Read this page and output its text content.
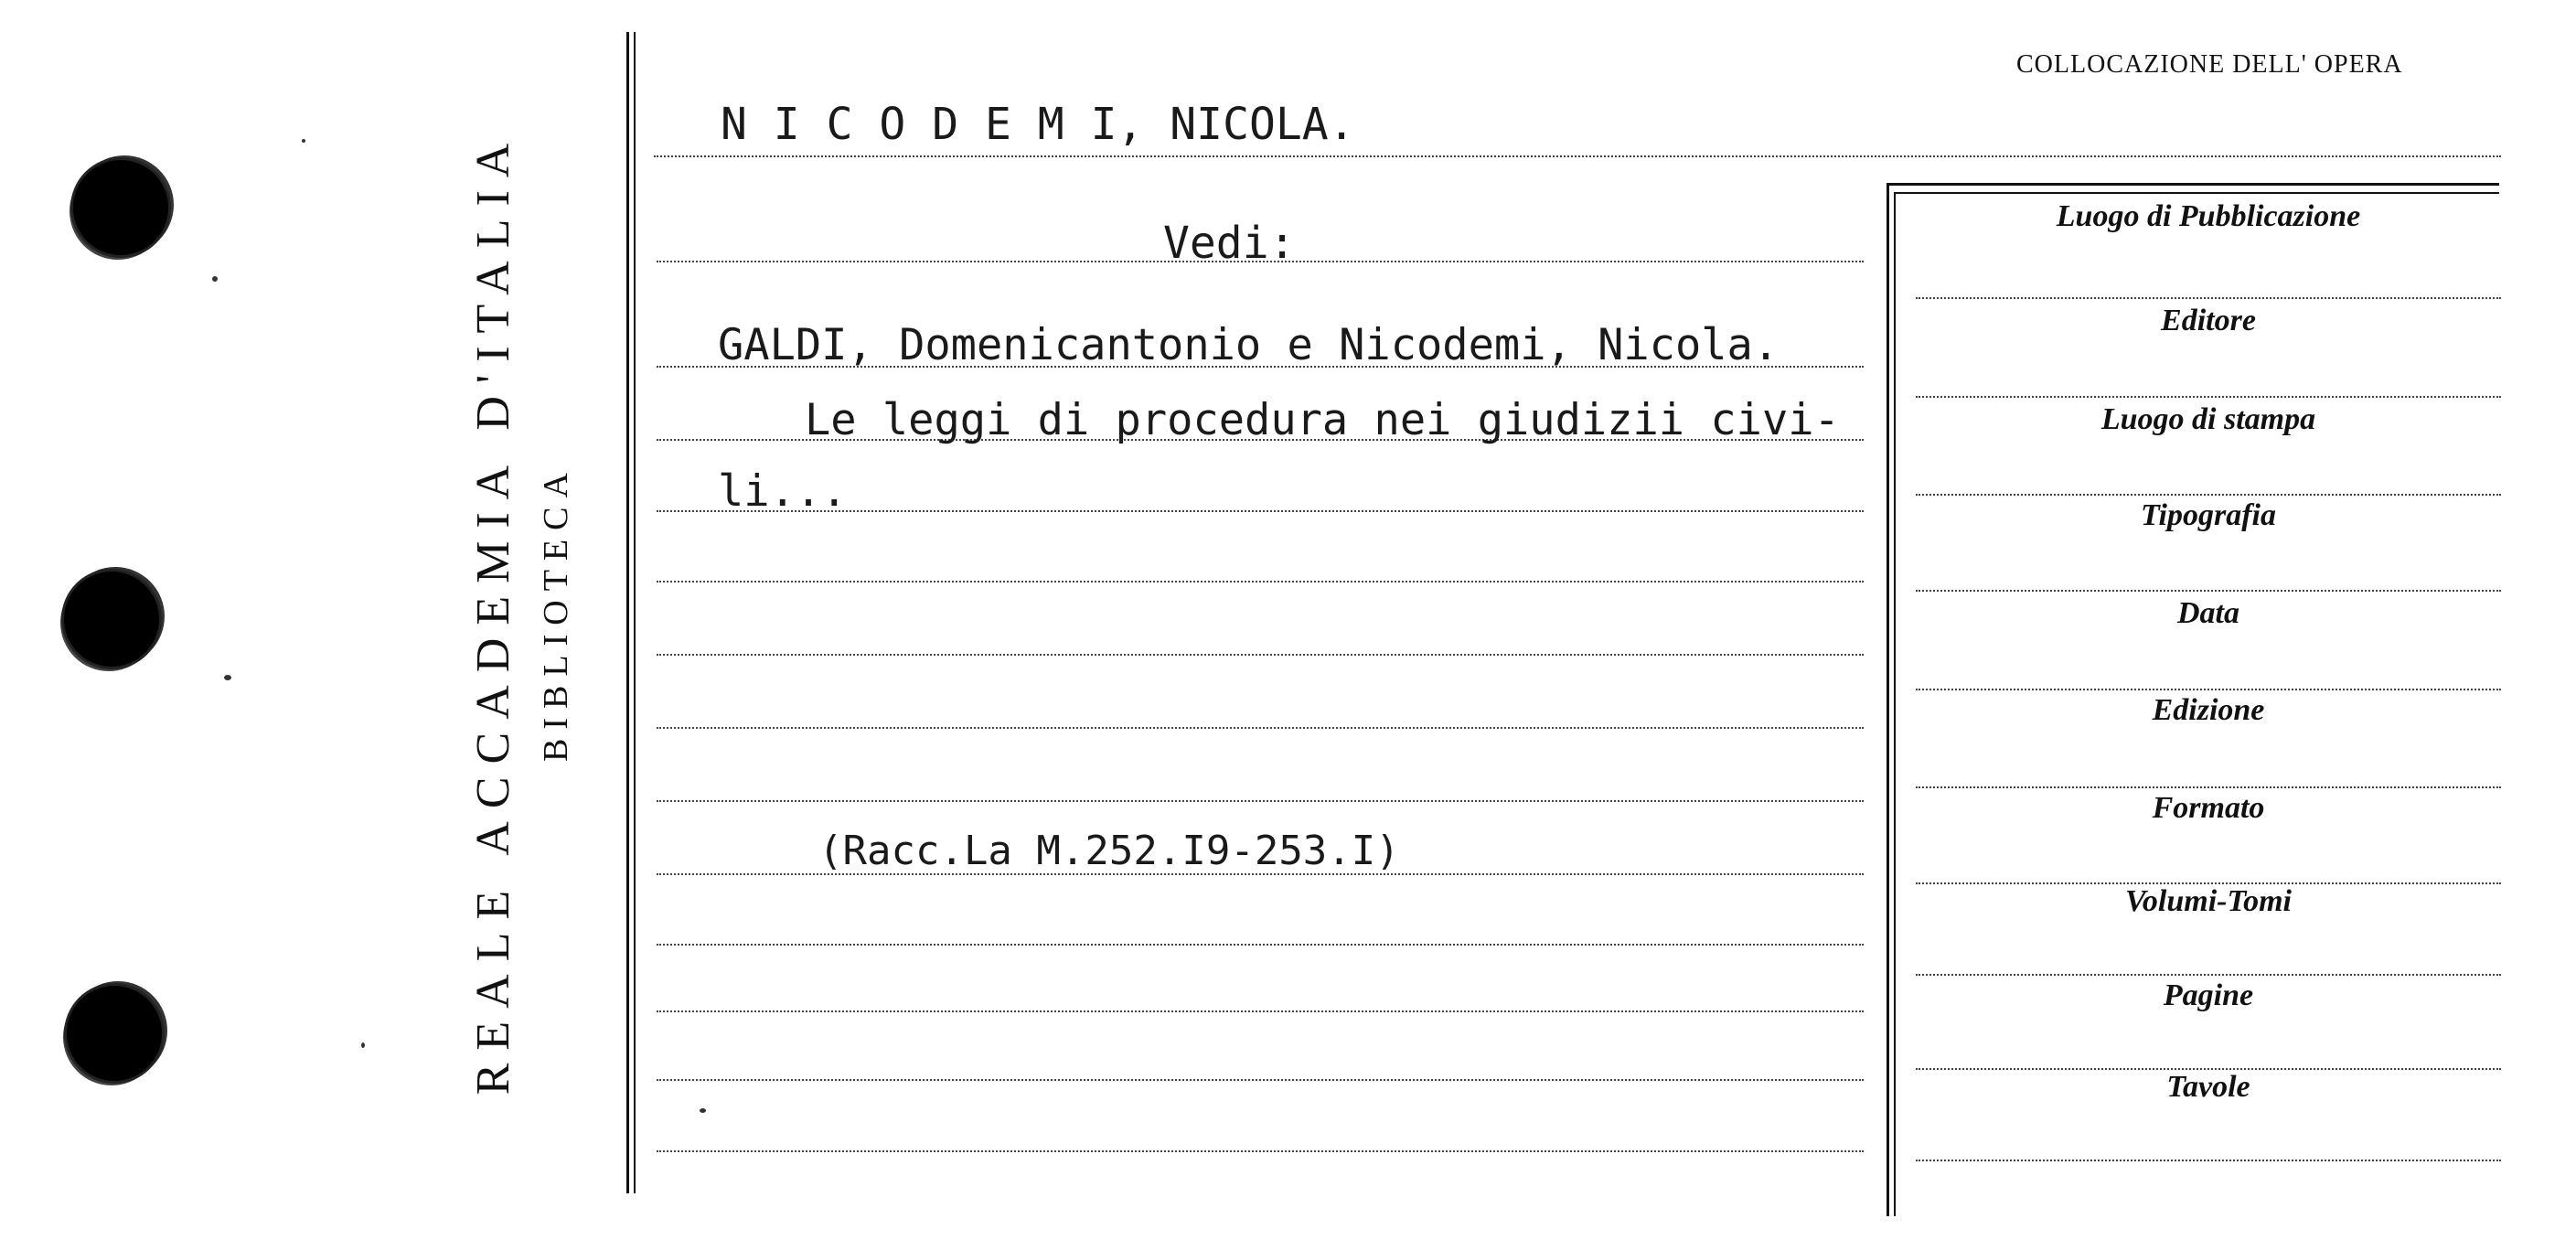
REALE ACCADEMIA D'ITALIA BIBLIOTECA
COLLOCAZIONE DELL' OPERA
N I C O D E M I, NICOLA.
Vedi:
GALDI, Domenicantonio e Nicodemi, Nicola.
Le leggi di procedura nei giudizii civi-
li...
(Racc.La M.252.I9-253.I)
Luogo di Pubblicazione
Editore
Luogo di stampa
Tipografia
Data
Edizione
Formato
Volumi-Tomi
Pagine
Tavole
